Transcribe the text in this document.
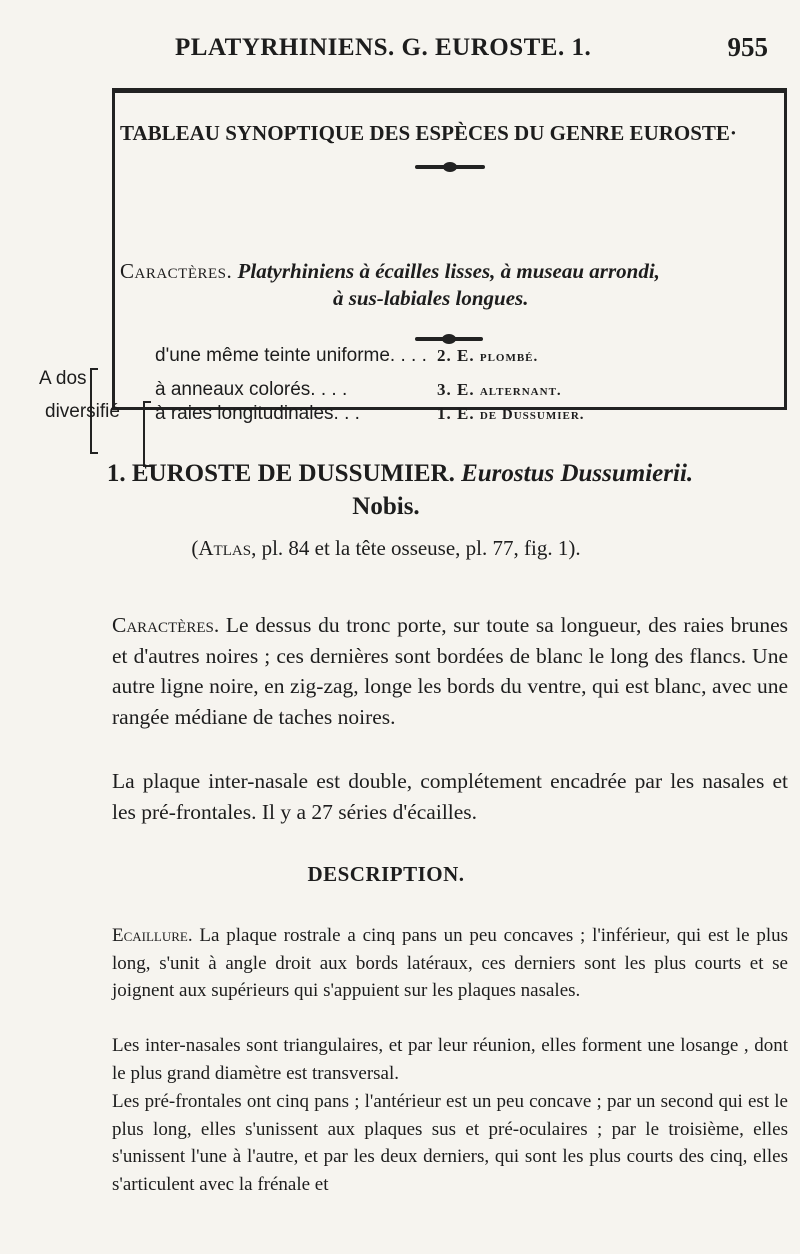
PLATYRHINIENS. G. EUROSTE. 1.	955
TABLEAU SYNOPTIQUE DES ESPÈCES DU GENRE EUROSTE·
Caractères. Platyrhiniens à écailles lisses, à museau arrondi,
à sus-labiales longues.
A dos
diversifié
d'une même teinte uniforme. . . . 2. E. plombé.
à anneaux colorés. . . .	3. E. alternant.
à raies longitudinales. . .	1. E. de Dussumier.
1. EUROSTE DE DUSSUMIER. Eurostus Dussumierii.
Nobis.
(Atlas, pl. 84 et la tête osseuse, pl. 77, fig. 1).

Caractères. Le dessus du tronc porte, sur toute sa longueur, des raies brunes et d'autres noires ; ces dernières sont bordées de blanc le long des flancs. Une autre ligne noire, en zig-zag, longe les bords du ventre, qui est blanc, avec une rangée médiane de taches noires.

La plaque inter-nasale est double, complétement encadrée par les nasales et les pré-frontales. Il y a 27 séries d'écailles.

DESCRIPTION.

Ecaillure. La plaque rostrale a cinq pans un peu concaves ; l'inférieur, qui est le plus long, s'unit à angle droit aux bords latéraux, ces derniers sont les plus courts et se joignent aux supérieurs qui s'appuient sur les plaques nasales.

Les inter-nasales sont triangulaires, et par leur réunion, elles forment une losange , dont le plus grand diamètre est transversal.

Les pré-frontales ont cinq pans ; l'antérieur est un peu concave ; par un second qui est le plus long, elles s'unissent aux plaques sus et pré-oculaires ; par le troisième, elles s'unissent l'une à l'autre, et par les deux derniers, qui sont les plus courts des cinq, elles s'articulent avec la frénale et
